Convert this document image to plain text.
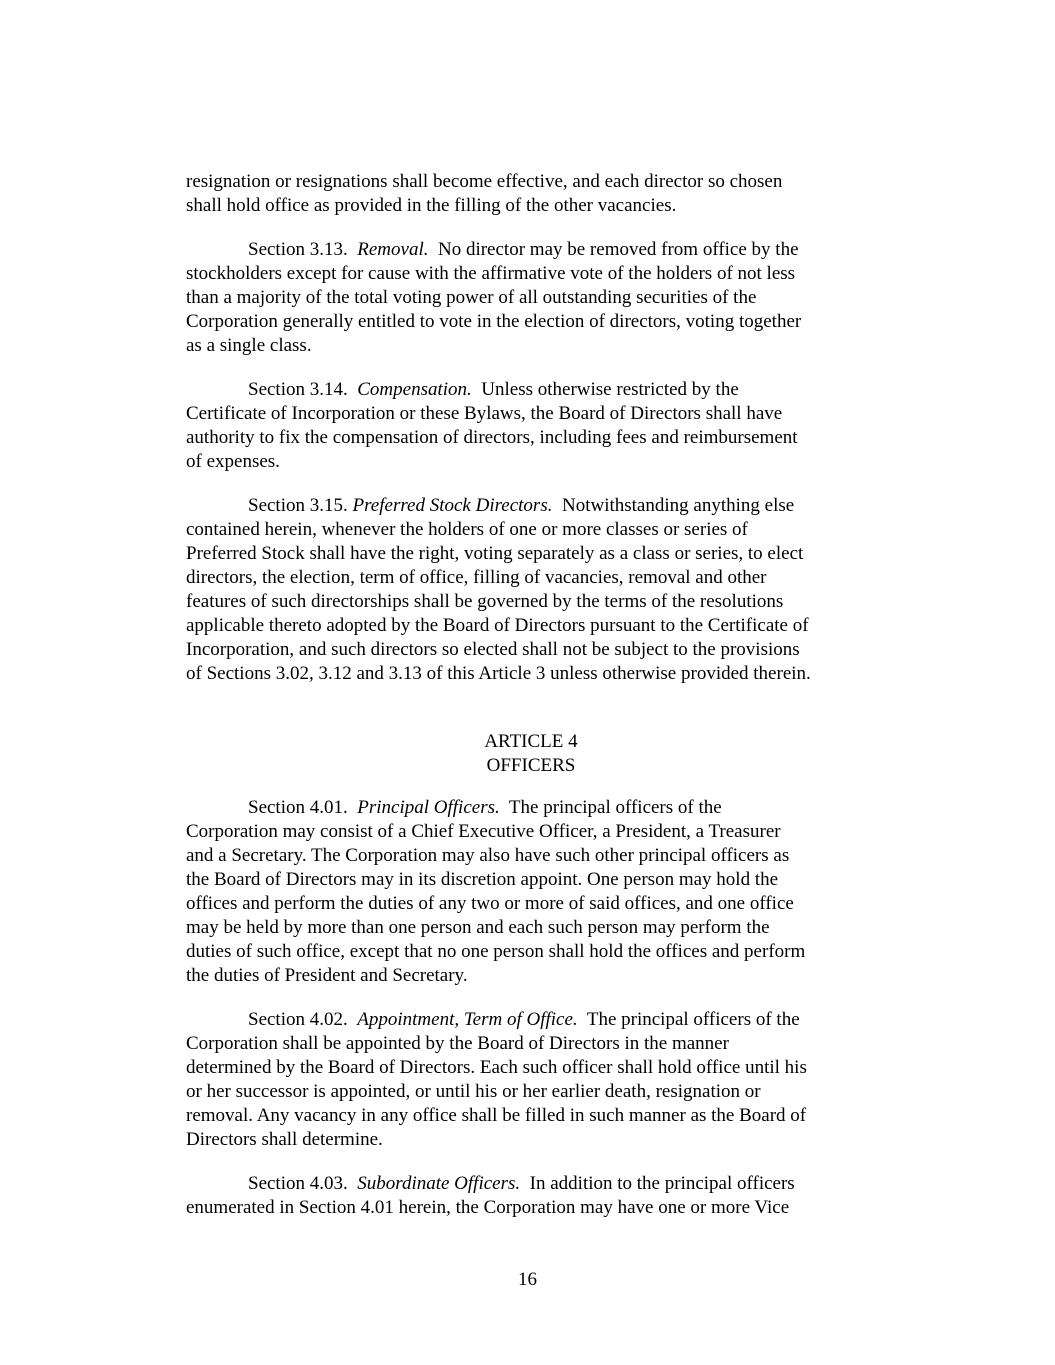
resignation or resignations shall become effective, and each director so chosen
shall hold office as provided in the filling of the other vacancies.
Section 3.13.  Removal. No director may be removed from office by the
stockholders except for cause with the affirmative vote of the holders of not less
than a majority of the total voting power of all outstanding securities of the
Corporation generally entitled to vote in the election of directors, voting together
as a single class.
Section 3.14.  Compensation. Unless otherwise restricted by the
Certificate of Incorporation or these Bylaws, the Board of Directors shall have
authority to fix the compensation of directors, including fees and reimbursement
of expenses.
Section 3.15. Preferred Stock Directors. Notwithstanding anything else
contained herein, whenever the holders of one or more classes or series of
Preferred Stock shall have the right, voting separately as a class or series, to elect
directors, the election, term of office, filling of vacancies, removal and other
features of such directorships shall be governed by the terms of the resolutions
applicable thereto adopted by the Board of Directors pursuant to the Certificate of
Incorporation, and such directors so elected shall not be subject to the provisions
of Sections 3.02, 3.12 and 3.13 of this Article 3 unless otherwise provided therein.
ARTICLE 4
OFFICERS
Section 4.01.  Principal Officers. The principal officers of the
Corporation may consist of a Chief Executive Officer, a President, a Treasurer
and a Secretary. The Corporation may also have such other principal officers as
the Board of Directors may in its discretion appoint. One person may hold the
offices and perform the duties of any two or more of said offices, and one office
may be held by more than one person and each such person may perform the
duties of such office, except that no one person shall hold the offices and perform
the duties of President and Secretary.
Section 4.02.  Appointment, Term of Office. The principal officers of the
Corporation shall be appointed by the Board of Directors in the manner
determined by the Board of Directors. Each such officer shall hold office until his
or her successor is appointed, or until his or her earlier death, resignation or
removal. Any vacancy in any office shall be filled in such manner as the Board of
Directors shall determine.
Section 4.03.  Subordinate Officers. In addition to the principal officers
enumerated in Section 4.01 herein, the Corporation may have one or more Vice
16
